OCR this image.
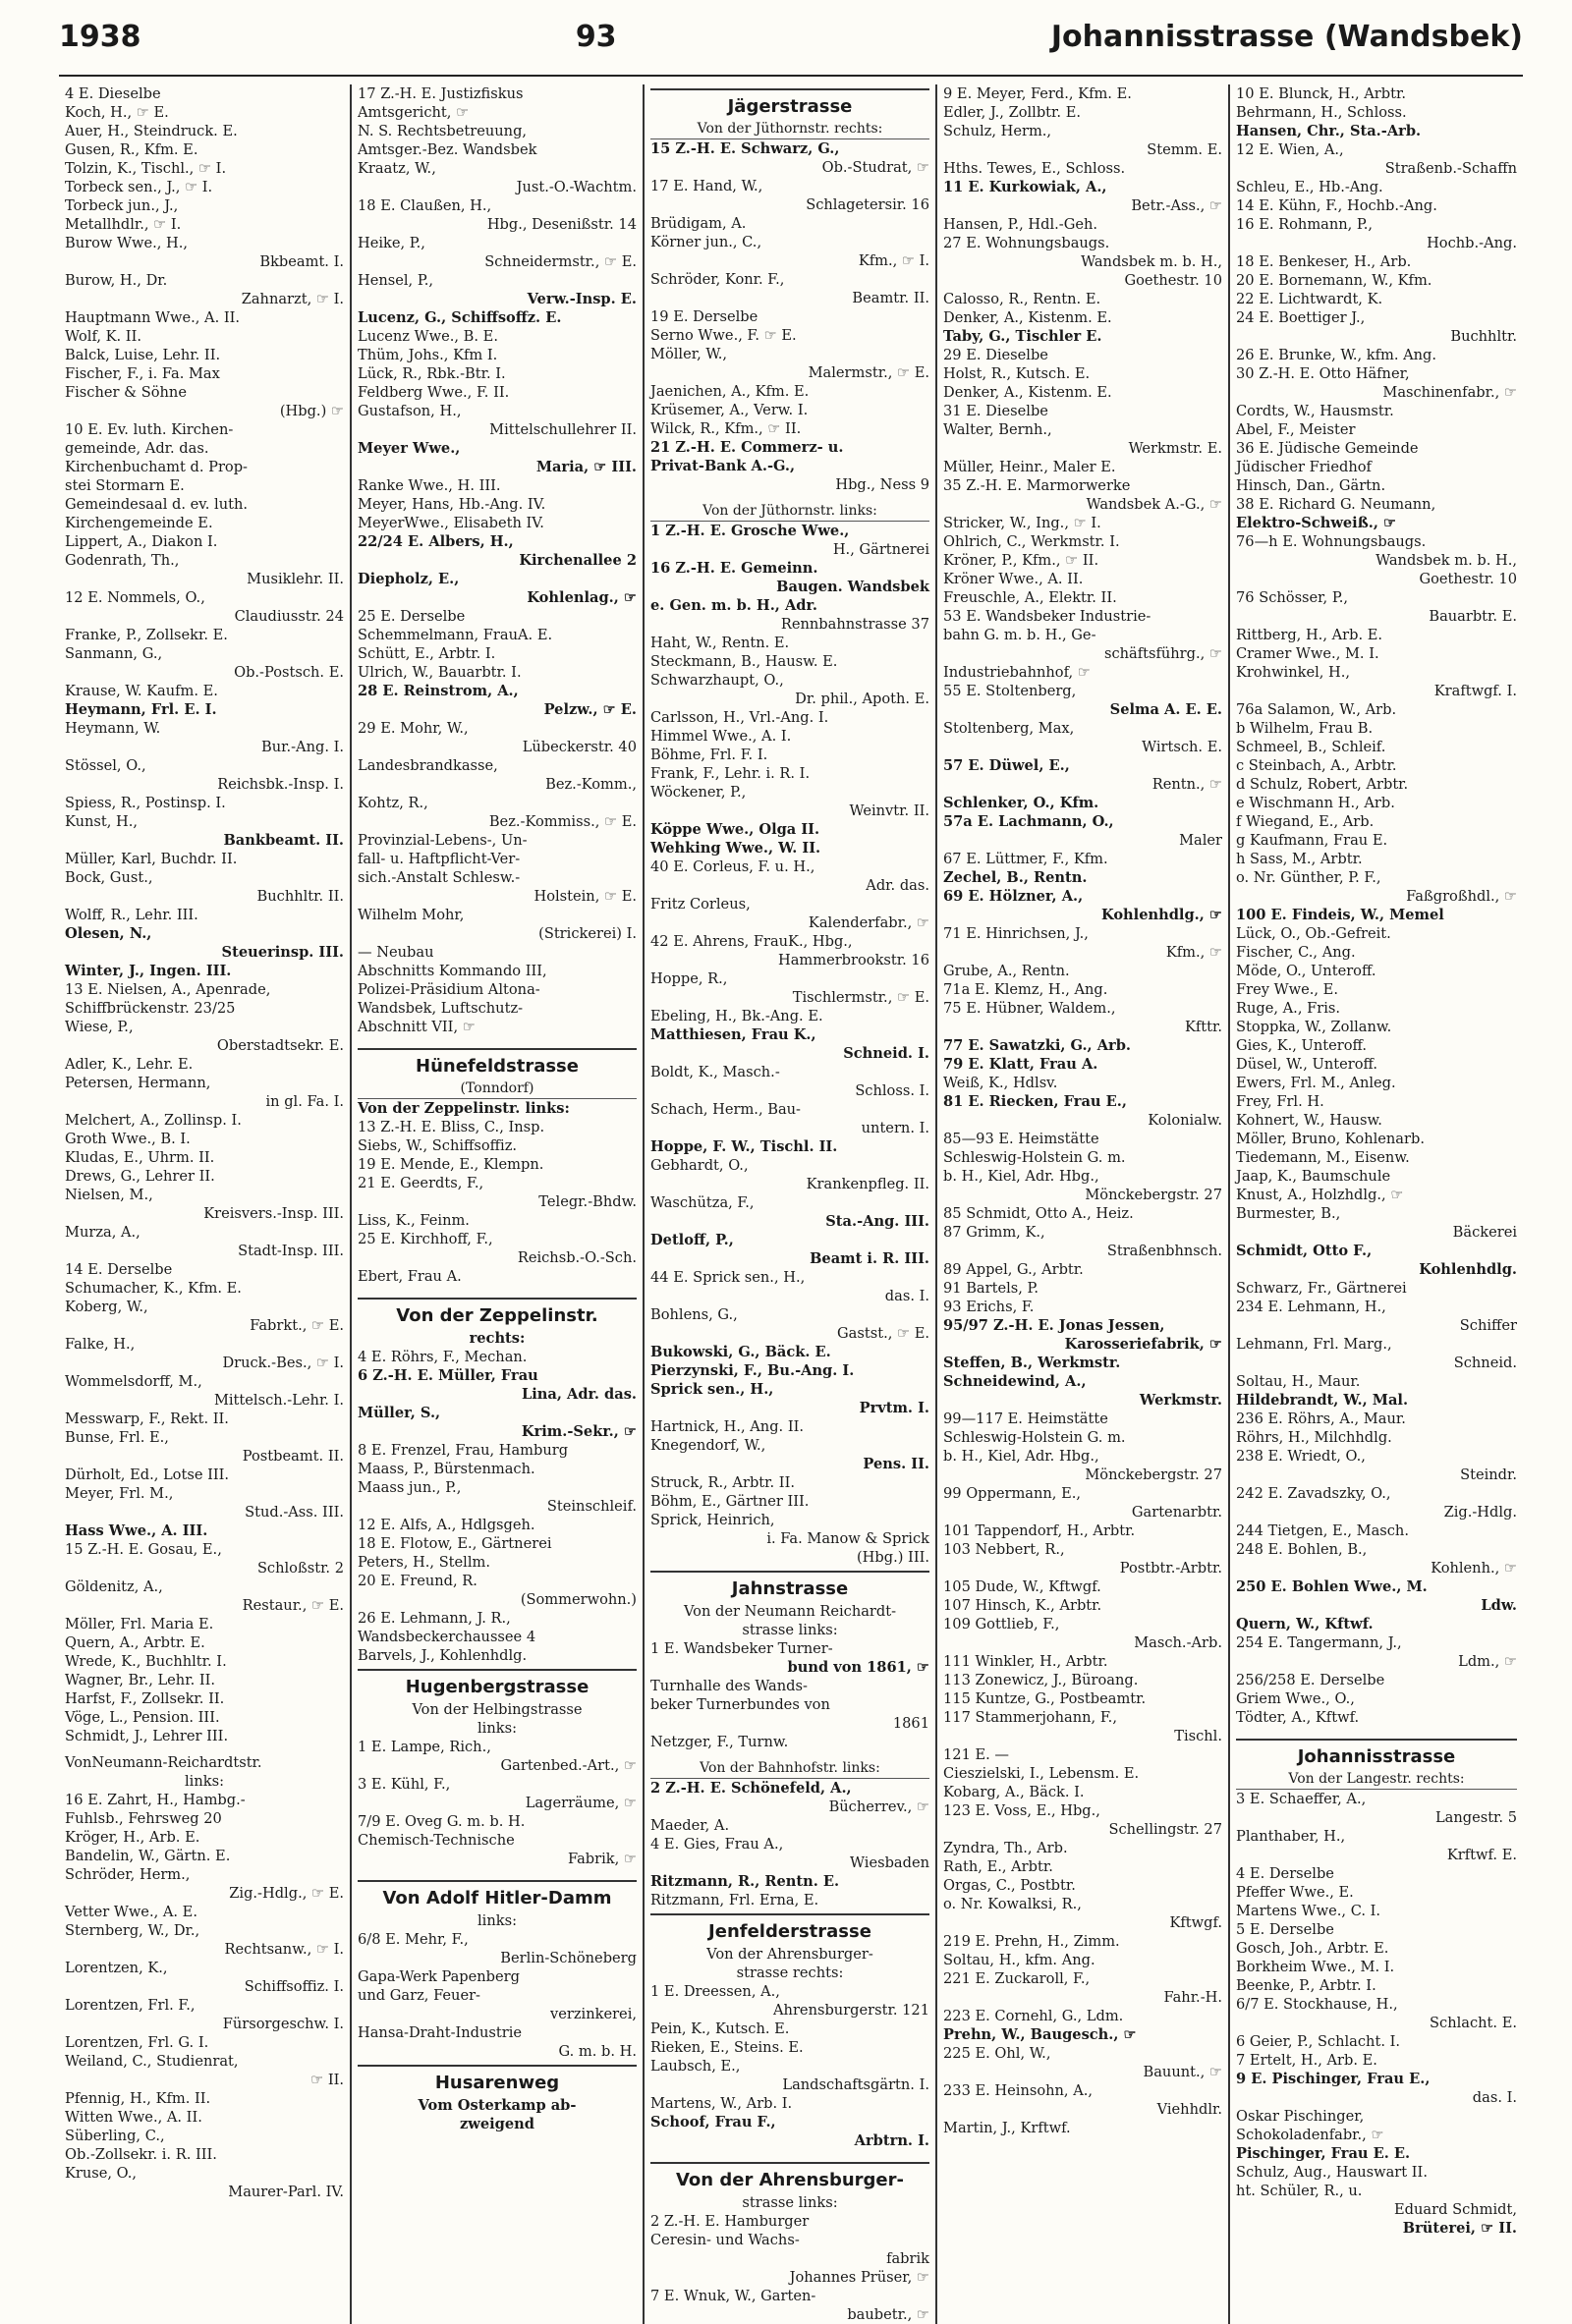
1938	93	Johannisstrasse (Wandsbek)
4 E. Dieselbe
Koch, H., ☞ E.
Auer, H., Steindruck. E.
Gusen, R., Kfm. E.
Tolzin, K., Tischl., ☞ I.
Torbeck sen., J., ☞ I.
Torbeck jun., J.,
Metallhdlr., ☞ I.
Burow Wwe., H.,
Bkbeamt. I.
Burow, H., Dr.
Zahnarzt, ☞ I.
Hauptmann Wwe., A. II.
Wolf, K. II.
Balck, Luise, Lehr. II.
Fischer, F., i. Fa. Max
Fischer & Söhne
(Hbg.) ☞
10 E. Ev. luth. Kirchen-
gemeinde, Adr. das.
Kirchenbuchamt d. Prop-
stei Stormarn E.
Gemeindesaal d. ev. luth.
Kirchengemeinde E.
Lippert, A., Diakon I.
Godenrath, Th.,
Musiklehr. II.
12 E. Nommels, O.,
Claudiusstr. 24
Franke, P., Zollsekr. E.
Sanmann, G.,
Ob.-Postsch. E.
Krause, W. Kaufm. E.
Heymann, Frl. E. I.
Heymann, W.
Bur.-Ang. I.
Stössel, O.,
Reichsbk.-Insp. I.
Spiess, R., Postinsp. I.
Kunst, H.,
Bankbeamt. II.
Müller, Karl, Buchdr. II.
Bock, Gust.,
Buchhltr. II.
Wolff, R., Lehr. III.
Olesen, N.,
Steuerinsp. III.
Winter, J., Ingen. III.
13 E. Nielsen, A., Apenrade,
Schiffbrückenstr. 23/25
Wiese, P.,
Oberstadtsekr. E.
Adler, K., Lehr. E.
Petersen, Hermann,
in gl. Fa. I.
Melchert, A., Zollinsp. I.
Groth Wwe., B. I.
Kludas, E., Uhrm. II.
Drews, G., Lehrer II.
Nielsen, M.,
Kreisvers.-Insp. III.
Murza, A.,
Stadt-Insp. III.
14 E. Derselbe
Schumacher, K., Kfm. E.
Koberg, W.,
Fabrkt., ☞ E.
Falke, H.,
Druck.-Bes., ☞ I.
Wommelsdorff, M.,
Mittelsch.-Lehr. I.
Messwarp, F., Rekt. II.
Bunse, Frl. E.,
Postbeamt. II.
Dürholt, Ed., Lotse III.
Meyer, Frl. M.,
Stud.-Ass. III.
Hass Wwe., A. III.
15 Z.-H. E. Gosau, E.,
Schloßstr. 2
Göldenitz, A.,
Restaur., ☞ E.
Möller, Frl. Maria E.
Quern, A., Arbtr. E.
Wrede, K., Buchhltr. I.
Wagner, Br., Lehr. II.
Harfst, F., Zollsekr. II.
Vöge, L., Pension. III.
Schmidt, J., Lehrer III.
VonNeumann-Reichardtstr.
links:
16 E. Zahrt, H., Hambg.-
Fuhlsb., Fehrsweg 20
Kröger, H., Arb. E.
Bandelin, W., Gärtn. E.
Schröder, Herm.,
Zig.-Hdlg., ☞ E.
Vetter Wwe., A. E.
Sternberg, W., Dr.,
Rechtsanw., ☞ I.
Lorentzen, K.,
Schiffsoffiz. I.
Lorentzen, Frl. F.,
Fürsorgeschw. I.
Lorentzen, Frl. G. I.
Weiland, C., Studienrat,
☞ II.
Pfennig, H., Kfm. II.
Witten Wwe., A. II.
Süberling, C.,
Ob.-Zollsekr. i. R. III.
Kruse, O.,
Maurer-Parl. IV.
17 Z.-H. E. Justizfiskus
Amtsgericht, ☞
N. S. Rechtsbetreuung,
Amtsger.-Bez. Wandsbek
Kraatz, W.,
Just.-O.-Wachtm.
18 E. Claußen, H.,
Hbg., Desenißstr. 14
Heike, P.,
Schneidermstr., ☞ E.
Hensel, P.,
Verw.-Insp. E.
Lucenz, G., Schiffsoffz. E.
Lucenz Wwe., B. E.
Thüm, Johs., Kfm I.
Lück, R., Rbk.-Btr. I.
Feldberg Wwe., F. II.
Gustafson, H.,
Mittelschullehrer II.
Meyer Wwe.,
Maria, ☞ III.
Ranke Wwe., H. III.
Meyer, Hans, Hb.-Ang. IV.
MeyerWwe., Elisabeth IV.
22/24 E. Albers, H.,
Kirchenallee 2
Diepholz, E.,
Kohlenlag., ☞
25 E. Derselbe
Schemmelmann, FrauA. E.
Schütt, E., Arbtr. I.
Ulrich, W., Bauarbtr. I.
28 E. Reinstrom, A.,
Pelzw., ☞ E.
29 E. Mohr, W.,
Lübeckerstr. 40
Landesbrandkasse,
Bez.-Komm.,
Kohtz, R.,
Bez.-Kommiss., ☞ E.
Provinzial-Lebens-, Un-
fall- u. Haftpflicht-Ver-
sich.-Anstalt Schlesw.-
Holstein, ☞ E.
Wilhelm Mohr,
(Strickerei) I.
— Neubau
Abschnitts Kommando III,
Polizei-Präsidium Altona-
Wandsbek, Luftschutz-
Abschnitt VII, ☞
Hünefeldstrasse
(Tonndorf)
Von der Zeppelinstr. links:
13 Z.-H. E. Bliss, C., Insp.
Siebs, W., Schiffsoffiz.
19 E. Mende, E., Klempn.
21 E. Geerdts, F.,
Telegr.-Bhdw.
Liss, K., Feinm.
25 E. Kirchhoff, F.,
Reichsb.-O.-Sch.
Ebert, Frau A.
Von der Zeppelinstr.
rechts:
4 E. Röhrs, F., Mechan.
6 Z.-H. E. Müller, Frau
Lina, Adr. das.
Müller, S.,
Krim.-Sekr., ☞
8 E. Frenzel, Frau, Hamburg
Maass, P., Bürstenmach.
Maass jun., P.,
Steinschleif.
12 E. Alfs, A., Hdlgsgeh.
18 E. Flotow, E., Gärtnerei
Peters, H., Stellm.
20 E. Freund, R.
(Sommerwohn.)
26 E. Lehmann, J. R.,
Wandsbeckerchaussee 4
Barvels, J., Kohlenhdlg.
Hugenbergstrasse
Von der Helbingstrasse
links:
1 E. Lampe, Rich.,
Gartenbed.-Art., ☞
3 E. Kühl, F.,
Lagerräume, ☞
7/9 E. Oveg G. m. b. H.
Chemisch-Technische
Fabrik, ☞
Von Adolf Hitler-Damm
links:
6/8 E. Mehr, F.,
Berlin-Schöneberg
Gapa-Werk Papenberg
und Garz, Feuer-
verzinkerei,
Hansa-Draht-Industrie
G. m. b. H.
Husarenweg
Vom Osterkamp ab-
zweigend
Jägerstrasse
Von der Jüthornstr. rechts:
15 Z.-H. E. Schwarz, G.,
Ob.-Studrat, ☞
17 E. Hand, W.,
Schlagetersir. 16
Brüdigam, A.
Körner jun., C.,
Kfm., ☞ I.
Schröder, Konr. F.,
Beamtr. II.
19 E. Derselbe
Serno Wwe., F. ☞ E.
Möller, W.,
Malermstr., ☞ E.
Jaenichen, A., Kfm. E.
Krüsemer, A., Verw. I.
Wilck, R., Kfm., ☞ II.
21 Z.-H. E. Commerz- u.
Privat-Bank A.-G.,
Hbg., Ness 9
Von der Jüthornstr. links:
1 Z.-H. E. Grosche Wwe.,
H., Gärtnerei
16 Z.-H. E. Gemeinn.
Baugen. Wandsbek
e. Gen. m. b. H., Adr.
Rennbahnstrasse 37
Haht, W., Rentn. E.
Steckmann, B., Hausw. E.
Schwarzhaupt, O.,
Dr. phil., Apoth. E.
Carlsson, H., Vrl.-Ang. I.
Himmel Wwe., A. I.
Böhme, Frl. F. I.
Frank, F., Lehr. i. R. I.
Wöckener, P.,
Weinvtr. II.
Köppe Wwe., Olga II.
Wehking Wwe., W. II.
40 E. Corleus, F. u. H.,
Adr. das.
Fritz Corleus,
Kalenderfabr., ☞
42 E. Ahrens, FrauK., Hbg.,
Hammerbrookstr. 16
Hoppe, R.,
Tischlermstr., ☞ E.
Ebeling, H., Bk.-Ang. E.
Matthiesen, Frau K.,
Schneid. I.
Boldt, K., Masch.-
Schloss. I.
Schach, Herm., Bau-
untern. I.
Hoppe, F. W., Tischl. II.
Gebhardt, O.,
Krankenpfleg. II.
Waschütza, F.,
Sta.-Ang. III.
Detloff, P.,
Beamt i. R. III.
44 E. Sprick sen., H.,
das. I.
Bohlens, G.,
Gastst., ☞ E.
Bukowski, G., Bäck. E.
Pierzynski, F., Bu.-Ang. I.
Sprick sen., H.,
Prvtm. I.
Hartnick, H., Ang. II.
Knegendorf, W.,
Pens. II.
Struck, R., Arbtr. II.
Böhm, E., Gärtner III.
Sprick, Heinrich,
i. Fa. Manow & Sprick
(Hbg.) III.
Jahnstrasse
Von der Neumann Reichardt-
strasse links:
1 E. Wandsbeker Turner-
bund von 1861, ☞
Turnhalle des Wands-
beker Turnerbundes von
1861
Netzger, F., Turnw.
Von der Bahnhofstr. links:
2 Z.-H. E. Schönefeld, A.,
Bücherrev., ☞
Maeder, A.
4 E. Gies, Frau A.,
Wiesbaden
Ritzmann, R., Rentn. E.
Ritzmann, Frl. Erna, E.
Jenfelderstrasse
Von der Ahrensburger-
strasse rechts:
1 E. Dreessen, A.,
Ahrensburgerstr. 121
Pein, K., Kutsch. E.
Rieken, E., Steins. E.
Laubsch, E.,
Landschaftsgärtn. I.
Martens, W., Arb. I.
Schoof, Frau F.,
Arbtrn. I.
Von der Ahrensburger-
strasse links:
2 Z.-H. E. Hamburger
Ceresin- und Wachs-
fabrik
Johannes Prüser, ☞
7 E. Wnuk, W., Garten-
baubetr., ☞
9 E. Meyer, Ferd., Kfm. E.
Edler, J., Zollbtr. E.
Schulz, Herm.,
Stemm. E.
Hths. Tewes, E., Schloss.
11 E. Kurkowiak, A.,
Betr.-Ass., ☞
Hansen, P., Hdl.-Geh.
27 E. Wohnungsbaugs.
Wandsbek m. b. H.,
Goethestr. 10
Calosso, R., Rentn. E.
Denker, A., Kistenm. E.
Taby, G., Tischler E.
29 E. Dieselbe
Holst, R., Kutsch. E.
Denker, A., Kistenm. E.
31 E. Dieselbe
Walter, Bernh.,
Werkmstr. E.
Müller, Heinr., Maler E.
35 Z.-H. E. Marmorwerke
Wandsbek A.-G., ☞
Stricker, W., Ing., ☞ I.
Ohlrich, C., Werkmstr. I.
Kröner, P., Kfm., ☞ II.
Kröner Wwe., A. II.
Freuschle, A., Elektr. II.
53 E. Wandsbeker Industrie-
bahn G. m. b. H., Ge-
schäftsführg., ☞
Industriebahnhof, ☞
55 E. Stoltenberg,
Selma A. E. E.
Stoltenberg, Max,
Wirtsch. E.
57 E. Düwel, E.,
Rentn., ☞
Schlenker, O., Kfm.
57a E. Lachmann, O.,
Maler
67 E. Lüttmer, F., Kfm.
Zechel, B., Rentn.
69 E. Hölzner, A.,
Kohlenhdlg., ☞
71 E. Hinrichsen, J.,
Kfm., ☞
Grube, A., Rentn.
71a E. Klemz, H., Ang.
75 E. Hübner, Waldem.,
Kfttr.
77 E. Sawatzki, G., Arb.
79 E. Klatt, Frau A.
Weiß, K., Hdlsv.
81 E. Riecken, Frau E.,
Kolonialw.
85—93 E. Heimstätte
Schleswig-Holstein G. m.
b. H., Kiel, Adr. Hbg.,
Mönckebergstr. 27
85 Schmidt, Otto A., Heiz.
87 Grimm, K.,
Straßenbhnsch.
89 Appel, G., Arbtr.
91 Bartels, P.
93 Erichs, F.
95/97 Z.-H. E. Jonas Jessen,
Karosseriefabrik, ☞
Steffen, B., Werkmstr.
Schneidewind, A.,
Werkmstr.
99—117 E. Heimstätte
Schleswig-Holstein G. m.
b. H., Kiel, Adr. Hbg.,
Mönckebergstr. 27
99 Oppermann, E.,
Gartenarbtr.
101 Tappendorf, H., Arbtr.
103 Nebbert, R.,
Postbtr.-Arbtr.
105 Dude, W., Kftwgf.
107 Hinsch, K., Arbtr.
109 Gottlieb, F.,
Masch.-Arb.
111 Winkler, H., Arbtr.
113 Zonewicz, J., Büroang.
115 Kuntze, G., Postbeamtr.
117 Stammerjohann, F.,
Tischl.
121 E. —
Cieszielski, I., Lebensm. E.
Kobarg, A., Bäck. I.
123 E. Voss, E., Hbg.,
Schellingstr. 27
Zyndra, Th., Arb.
Rath, E., Arbtr.
Orgas, C., Postbtr.
o. Nr. Kowalksi, R.,
Kftwgf.
219 E. Prehn, H., Zimm.
Soltau, H., kfm. Ang.
221 E. Zuckaroll, F.,
Fahr.-H.
223 E. Cornehl, G., Ldm.
Prehn, W., Baugesch., ☞
225 E. Ohl, W.,
Bauunt., ☞
233 E. Heinsohn, A.,
Viehhdlr.
Martin, J., Krftwf.
10 E. Blunck, H., Arbtr.
Behrmann, H., Schloss.
Hansen, Chr., Sta.-Arb.
12 E. Wien, A.,
Straßenb.-Schaffn
Schleu, E., Hb.-Ang.
14 E. Kühn, F., Hochb.-Ang.
16 E. Rohmann, P.,
Hochb.-Ang.
18 E. Benkeser, H., Arb.
20 E. Bornemann, W., Kfm.
22 E. Lichtwardt, K.
24 E. Boettiger J.,
Buchhltr.
26 E. Brunke, W., kfm. Ang.
30 Z.-H. E. Otto Häfner,
Maschinenfabr., ☞
Cordts, W., Hausmstr.
Abel, F., Meister
36 E. Jüdische Gemeinde
Jüdischer Friedhof
Hinsch, Dan., Gärtn.
38 E. Richard G. Neumann,
Elektro-Schweiß., ☞
76—h E. Wohnungsbaugs.
Wandsbek m. b. H.,
Goethestr. 10
76 Schösser, P.,
Bauarbtr. E.
Rittberg, H., Arb. E.
Cramer Wwe., M. I.
Krohwinkel, H.,
Kraftwgf. I.
76a Salamon, W., Arb.
b Wilhelm, Frau B.
Schmeel, B., Schleif.
c Steinbach, A., Arbtr.
d Schulz, Robert, Arbtr.
e Wischmann H., Arb.
f Wiegand, E., Arb.
g Kaufmann, Frau E.
h Sass, M., Arbtr.
o. Nr. Günther, P. F.,
Faßgroßhdl., ☞
100 E. Findeis, W., Memel
Lück, O., Ob.-Gefreit.
Fischer, C., Ang.
Möde, O., Unteroff.
Frey Wwe., E.
Ruge, A., Fris.
Stoppka, W., Zollanw.
Gies, K., Unteroff.
Düsel, W., Unteroff.
Ewers, Frl. M., Anleg.
Frey, Frl. H.
Kohnert, W., Hausw.
Möller, Bruno, Kohlenarb.
Tiedemann, M., Eisenw.
Jaap, K., Baumschule
Knust, A., Holzhdlg., ☞
Burmester, B.,
Bäckerei
Schmidt, Otto F.,
Kohlenhdlg.
Schwarz, Fr., Gärtnerei
234 E. Lehmann, H.,
Schiffer
Lehmann, Frl. Marg.,
Schneid.
Soltau, H., Maur.
Hildebrandt, W., Mal.
236 E. Röhrs, A., Maur.
Röhrs, H., Milchhdlg.
238 E. Wriedt, O.,
Steindr.
242 E. Zavadszky, O.,
Zig.-Hdlg.
244 Tietgen, E., Masch.
248 E. Bohlen, B.,
Kohlenh., ☞
250 E. Bohlen Wwe., M.
Ldw.
Quern, W., Kftwf.
254 E. Tangermann, J.,
Ldm., ☞
256/258 E. Derselbe
Griem Wwe., O.,
Tödter, A., Kftwf.
Johannisstrasse
Von der Langestr. rechts:
3 E. Schaeffer, A.,
Langestr. 5
Planthaber, H.,
Krftwf. E.
4 E. Derselbe
Pfeffer Wwe., E.
Martens Wwe., C. I.
5 E. Derselbe
Gosch, Joh., Arbtr. E.
Borkheim Wwe., M. I.
Beenke, P., Arbtr. I.
6/7 E. Stockhause, H.,
Schlacht. E.
6 Geier, P., Schlacht. I.
7 Ertelt, H., Arb. E.
9 E. Pischinger, Frau E.,
das. I.
Oskar Pischinger,
Schokoladenfabr., ☞
Pischinger, Frau E. E.
Schulz, Aug., Hauswart II.
ht. Schüler, R., u.
Eduard Schmidt,
Brüterei, ☞ II.
